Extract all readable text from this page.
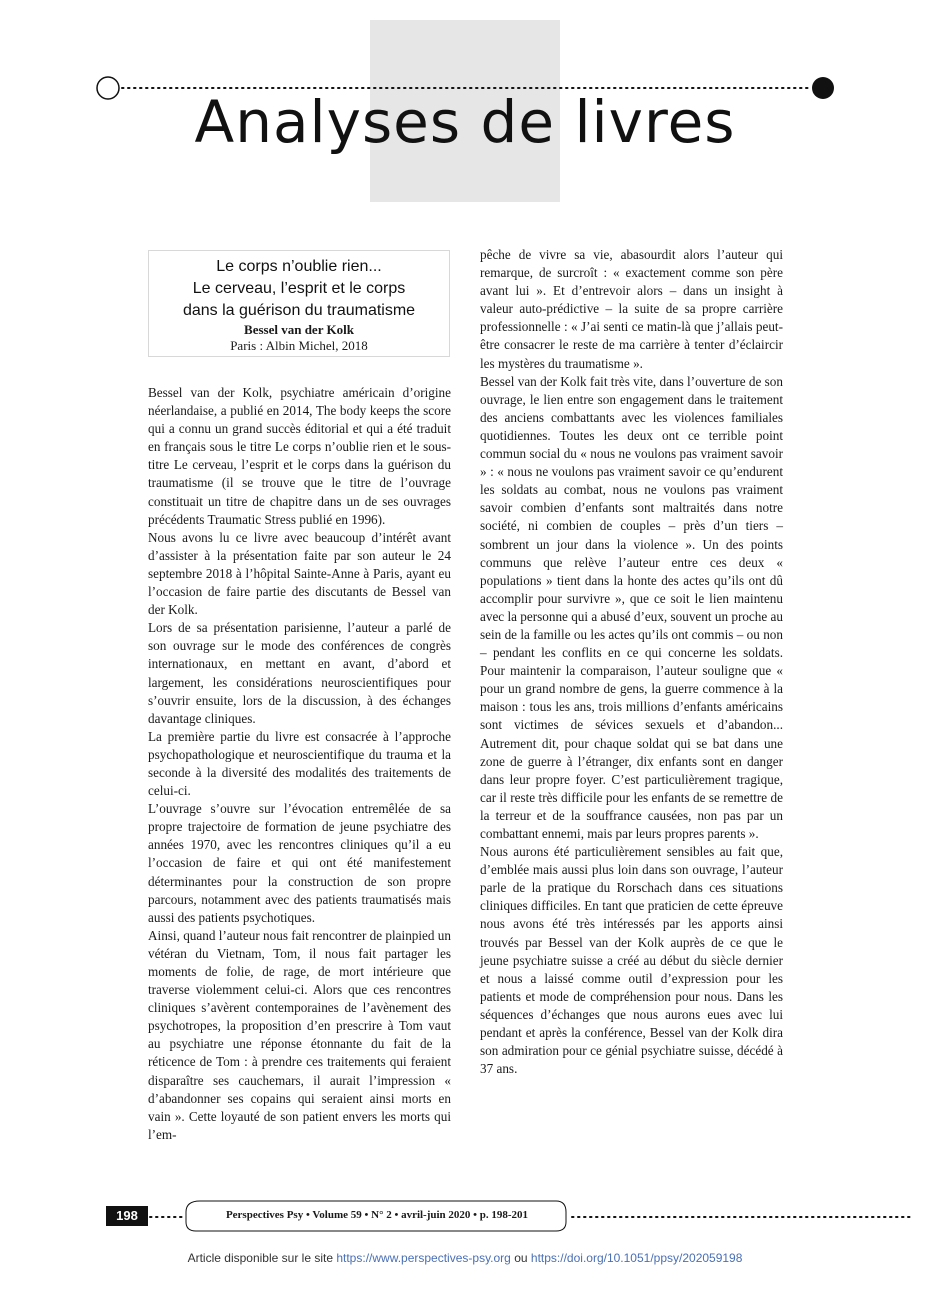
Analyses de livres
Le corps n’oublie rien...
Le cerveau, l’esprit et le corps
dans la guérison du traumatisme
Bessel van der Kolk
Paris : Albin Michel, 2018

Bessel van der Kolk, psychiatre américain d’origine néerlandaise, a publié en 2014, The body keeps the score qui a connu un grand succès éditorial et qui a été traduit en français sous le titre Le corps n’oublie rien et le sous-titre Le cerveau, l’esprit et le corps dans la guérison du traumatisme (il se trouve que le titre de l’ouvrage constituait un titre de chapitre dans un de ses ouvrages précédents Traumatic Stress publié en 1996).

Nous avons lu ce livre avec beaucoup d’intérêt avant d’assister à la présentation faite par son auteur le 24 septembre 2018 à l’hôpital Sainte-Anne à Paris, ayant eu l’occasion de faire partie des discutants de Bessel van der Kolk.

Lors de sa présentation parisienne, l’auteur a parlé de son ouvrage sur le mode des conférences de congrès internationaux, en mettant en avant, d’abord et largement, les considérations neuroscientifiques pour s’ouvrir ensuite, lors de la discussion, à des échanges davantage cliniques.

La première partie du livre est consacrée à l’approche psychopathologique et neuroscientifique du trauma et la seconde à la diversité des modalités des traitements de celui-ci.

L’ouvrage s’ouvre sur l’évocation entremêlée de sa propre trajectoire de formation de jeune psychiatre des années 1970, avec les rencontres cliniques qu’il a eu l’occasion de faire et qui ont été manifestement déterminantes pour la construction de son propre parcours, notamment avec des patients traumatisés mais aussi des patients psychotiques.

Ainsi, quand l’auteur nous fait rencontrer de plainpied un vétéran du Vietnam, Tom, il nous fait partager les moments de folie, de rage, de mort intérieure que traverse violemment celui-ci. Alors que ces rencontres cliniques s’avèrent contemporaines de l’avènement des psychotropes, la proposition d’en prescrire à Tom vaut au psychiatre une réponse étonnante du fait de la réticence de Tom : à prendre ces traitements qui feraient disparaître ses cauchemars, il aurait l’impression « d’abandonner ses copains qui seraient ainsi morts en vain ». Cette loyauté de son patient envers les morts qui l’em-

pêche de vivre sa vie, abasourdit alors l’auteur qui remarque, de surcroît : « exactement comme son père avant lui ». Et d’entrevoir alors – dans un insight à valeur auto-prédictive – la suite de sa propre carrière professionnelle : « J’ai senti ce matin-là que j’allais peut-être consacrer le reste de ma carrière à tenter d’éclaircir les mystères du traumatisme ».

Bessel van der Kolk fait très vite, dans l’ouverture de son ouvrage, le lien entre son engagement dans le traitement des anciens combattants avec les violences familiales quotidiennes. Toutes les deux ont ce terrible point commun social du « nous ne voulons pas vraiment savoir » : « nous ne voulons pas vraiment savoir ce qu’endurent les soldats au combat, nous ne voulons pas vraiment savoir combien d’enfants sont maltraités dans notre société, ni combien de couples – près d’un tiers – sombrent un jour dans la violence ». Un des points communs que relève l’auteur entre ces deux « populations » tient dans la honte des actes qu’ils ont dû accomplir pour survivre », que ce soit le lien maintenu avec la personne qui a abusé d’eux, souvent un proche au sein de la famille ou les actes qu’ils ont commis – ou non – pendant les conflits en ce qui concerne les soldats. Pour maintenir la comparaison, l’auteur souligne que « pour un grand nombre de gens, la guerre commence à la maison : tous les ans, trois millions d’enfants américains sont victimes de sévices sexuels et d’abandon... Autrement dit, pour chaque soldat qui se bat dans une zone de guerre à l’étranger, dix enfants sont en danger dans leur propre foyer. C’est particulièrement tragique, car il reste très difficile pour les enfants de se remettre de la terreur et de la souffrance causées, non pas par un combattant ennemi, mais par leurs propres parents ».

Nous aurons été particulièrement sensibles au fait que, d’emblée mais aussi plus loin dans son ouvrage, l’auteur parle de la pratique du Rorschach dans ces situations cliniques difficiles. En tant que praticien de cette épreuve nous avons été très intéressés par les apports ainsi trouvés par Bessel van der Kolk auprès de ce que le jeune psychiatre suisse a créé au début du siècle dernier et nous a laissé comme outil d’expression pour les patients et mode de compréhension pour nous. Dans les séquences d’échanges que nous aurons eues avec lui pendant et après la conférence, Bessel van der Kolk dira son admiration pour ce génial psychiatre suisse, décédé à 37 ans.

198	Perspectives Psy • Volume 59 • N° 2 • avril-juin 2020 • p. 198-201
Article disponible sur le site https://www.perspectives-psy.org ou https://doi.org/10.1051/ppsy/202059198
